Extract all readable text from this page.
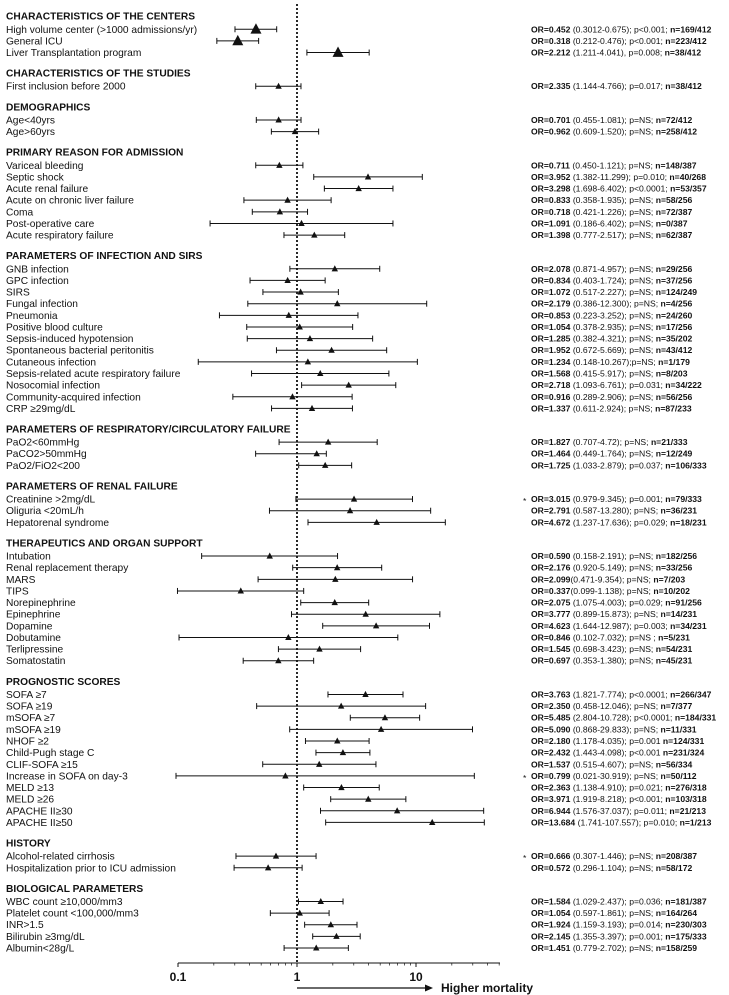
CHARACTERISTICS OF THE CENTERS
High volume center (>1000 admissions/yr)	OR=0.452 (0.3012-0.675); p<0.001; n=169/412
General ICU	OR=0.318 (0.212-0.476); p<0.001; n=223/412
Liver Transplantation program	OR=2.212 (1.211-4.041), p=0.008; n=38/412
CHARACTERISTICS OF THE STUDIES
First inclusion before 2000	OR=2.335 (1.144-4.766); p=0.017; n=38/412
DEMOGRAPHICS
Age<40yrs	OR=0.701 (0.455-1.081); p=NS; n=72/412
Age>60yrs	OR=0.962 (0.609-1.520); p=NS; n=258/412
PRIMARY REASON FOR ADMISSION
Variceal bleeding	OR=0.711 (0.450-1.121); p=NS; n=148/387
Septic shock	OR=3.952 (1.382-11.299); p=0.010; n=40/268
Acute renal failure	OR=3.298 (1.698-6.402); p<0.0001; n=53/357
Acute on chronic liver failure	OR=0.833 (0.358-1.935); p=NS; n=58/256
Coma	OR=0.718 (0.421-1.226); p=NS; n=72/387
Post-operative care	OR=1.091 (0.186-6.402); p=NS; n=0/387
Acute respiratory failure	OR=1.398 (0.777-2.517); p=NS; n=62/387
PARAMETERS OF INFECTION AND SIRS
GNB infection	OR=2.078 (0.871-4.957); p=NS; n=29/256
GPC infection	OR=0.834 (0.403-1.724); p=NS; n=37/256
SIRS	OR=1.072 (0.517-2.227); p=NS; n=124/249
Fungal infection	OR=2.179 (0.386-12.300); p=NS; n=4/256
Pneumonia	OR=0.853 (0.223-3.252); p=NS; n=24/260
Positive blood culture	OR=1.054 (0.378-2.935); p=NS; n=17/256
Sepsis-induced hypotension	OR=1.285 (0.382-4.321); p=NS; n=35/202
Spontaneous bacterial peritonitis	OR=1.952 (0.672-5.669); p=NS; n=43/412
Cutaneous infection	OR=1.234 (0.148-10.267);p=NS; n=1/179
Sepsis-related acute respiratory failure	OR=1.568 (0.415-5.917); p=NS; n=8/203
Nosocomial infection	OR=2.718 (1.093-6.761); p=0.031; n=34/222
Community-acquired infection	OR=0.916 (0.289-2.906); p=NS; n=56/256
CRP ≥29mg/dL	OR=1.337 (0.611-2.924); p=NS; n=87/233
PARAMETERS OF RESPIRATORY/CIRCULATORY FAILURE
PaO2<60mmHg	OR=1.827 (0.707-4.72); p=NS; n=21/333
PaCO2>50mmHg	OR=1.464 (0.449-1.764); p=NS; n=12/249
PaO2/FiO2<200	OR=1.725 (1.033-2.879); p=0.037; n=106/333
PARAMETERS OF RENAL FAILURE
Creatinine >2mg/dL	OR=3.015 (0.979-9.345); p=0.001; n=79/333
*
Oliguria <20mL/h	OR=2.791 (0.587-13.280); p=NS; n=36/231
Hepatorenal syndrome	OR=4.672 (1.237-17.636); p=0.029; n=18/231
THERAPEUTICS AND ORGAN SUPPORT
Intubation	OR=0.590 (0.158-2.191); p=NS; n=182/256
Renal replacement therapy	OR=2.176 (0.920-5.149); p=NS; n=33/256
MARS	OR=2.099(0.471-9.354); p=NS; n=7/203
TIPS	OR=0.337(0.099-1.138); p=NS; n=10/202
Norepinephrine	OR=2.075 (1.075-4.003); p=0.029; n=91/256
Epinephrine	OR=3.777 (0.899-15.873); p=NS; n=14/231
Dopamine	OR=4.623 (1.644-12.987); p=0.003; n=34/231
Dobutamine	OR=0.846 (0.102-7.032); p=NS ; n=5/231
Terlipressine	OR=1.545 (0.698-3.423); p=NS; n=54/231
Somatostatin	OR=0.697 (0.353-1.380); p=NS; n=45/231
PROGNOSTIC SCORES
SOFA ≥7	OR=3.763 (1.821-7.774); p<0.0001; n=266/347
SOFA ≥19	OR=2.350 (0.458-12.046); p=NS; n=7/377
mSOFA ≥7	OR=5.485 (2.804-10.728); p<0.0001; n=184/331
mSOFA ≥19	OR=5.090 (0.868-29.833); p=NS; n=11/331
NHOF ≥2	OR=2.180 (1.178-4.035); p=0.001 n=124/331
Child-Pugh stage C	OR=2.432 (1.443-4.098); p<0.001 n=231/324
CLIF-SOFA ≥15	OR=1.537 (0.515-4.607); p=NS; n=56/334
Increase in SOFA on day-3	OR=0.799 (0.021-30.919); p=NS; n=50/112
*
MELD ≥13	OR=2.363 (1.138-4.910); p=0.021; n=276/318
MELD ≥26	OR=3.971 (1.919-8.218); p<0.001; n=103/318
APACHE II≥30	OR=6.944 (1.576-37.037); p=0.011; n=21/213
APACHE II≥50	OR=13.684 (1.741-107.557); p=0.010; n=1/213
HISTORY
Alcohol-related cirrhosis	OR=0.666 (0.307-1.446); p=NS; n=208/387
*
Hospitalization prior to ICU admission	OR=0.572 (0.296-1.104); p=NS; n=58/172
BIOLOGICAL PARAMETERS
WBC count ≥10,000/mm3	OR=1.584 (1.029-2.437); p=0.036; n=181/387
Platelet count <100,000/mm3	OR=1.054 (0.597-1.861); p=NS; n=164/264
INR>1.5	OR=1.924 (1.159-3.193); p=0.014; n=230/303
Bilirubin ≥3mg/dL	OR=2.145 (1.355-3.397); p=0.001; n=175/333
Albumin<28g/L	OR=1.451 (0.779-2.702); p=NS; n=158/259
0.1	1	10
Higher mortality
